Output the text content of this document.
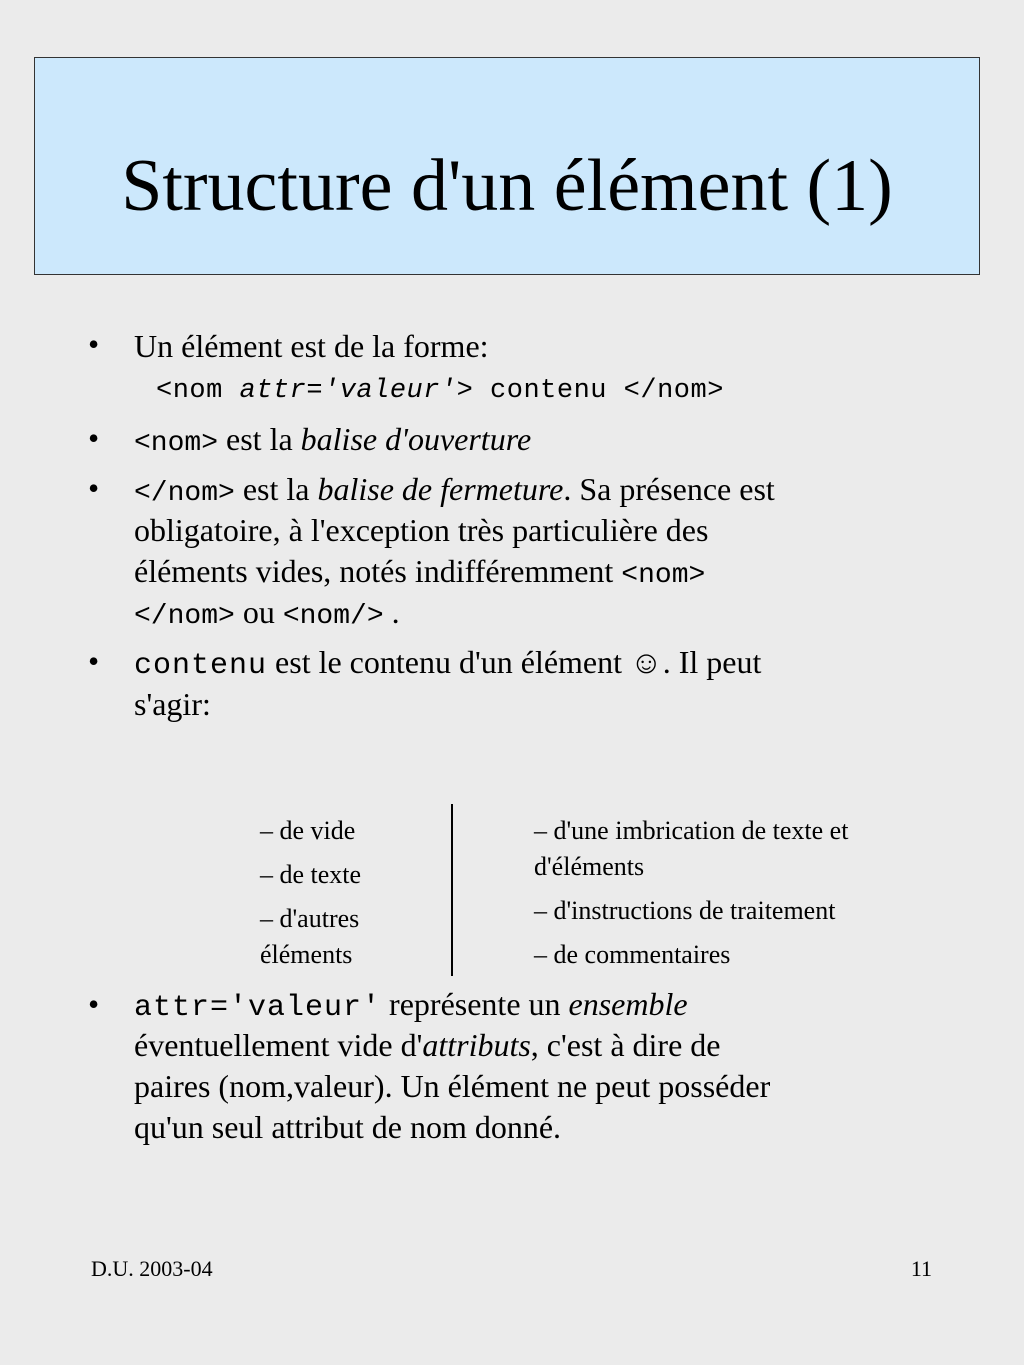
Structure d'un élément (1)
• Un élément est de la forme:
<nom attr='valeur'> contenu </nom>
• <nom> est la balise d'ouverture
• </nom> est la balise de fermeture. Sa présence est
obligatoire, à l'exception très particulière des
éléments vides, notés indifféremment <nom>
</nom> ou <nom/> .
• contenu est le contenu d'un élément ☺. Il peut
s'agir:
– de vide
– de texte
– d'autres
éléments
– d'une imbrication de texte et
d'éléments
– d'instructions de traitement
– de commentaires
• attr='valeur' représente un ensemble
éventuellement vide d'attributs, c'est à dire de
paires (nom,valeur). Un élément ne peut posséder
qu'un seul attribut de nom donné.
D.U. 2003-04	11
